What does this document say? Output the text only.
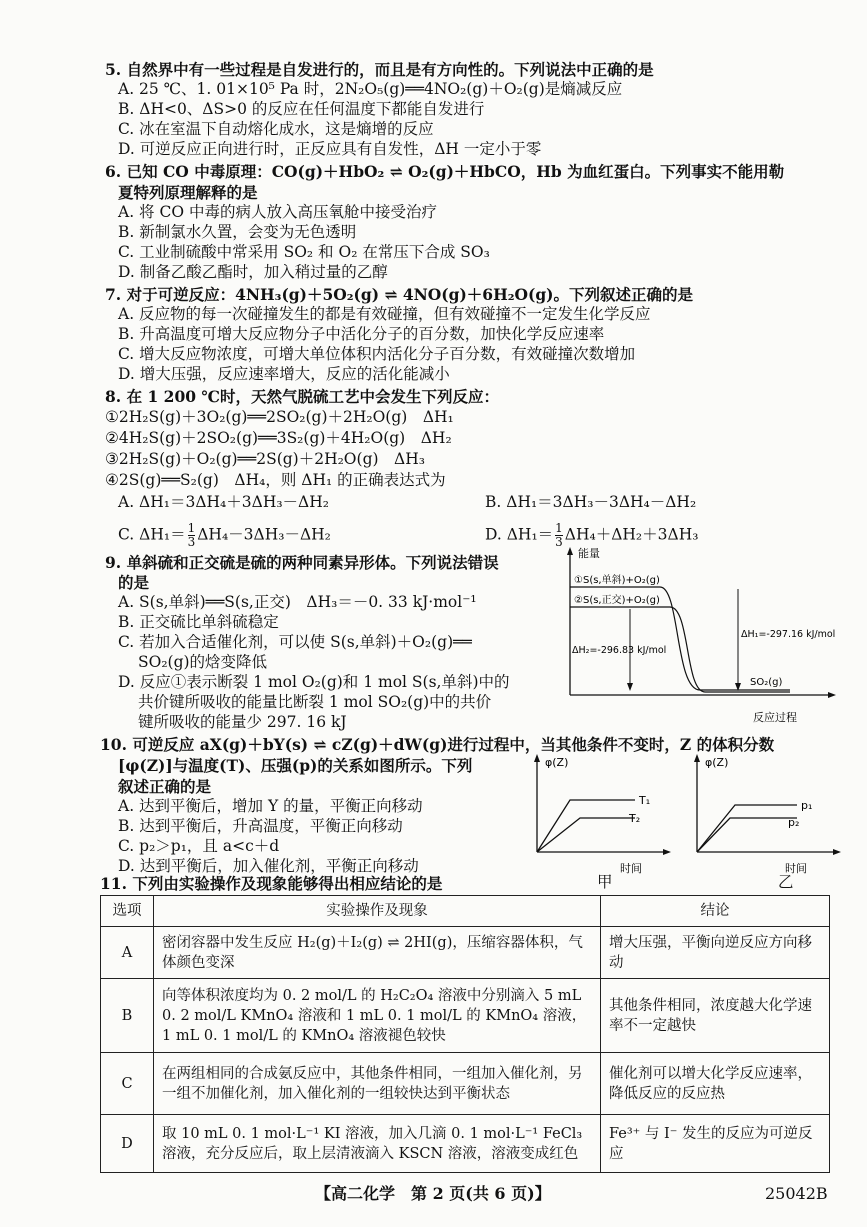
5. 自然界中有一些过程是自发进行的，而且是有方向性的。下列说法中正确的是
A. 25 ℃、1. 01×10⁵ Pa 时，2N₂O₅(g)══4NO₂(g)＋O₂(g)是熵减反应
B. ΔH<0、ΔS>0 的反应在任何温度下都能自发进行
C. 冰在室温下自动熔化成水，这是熵增的反应
D. 可逆反应正向进行时，正反应具有自发性，ΔH 一定小于零
6. 已知 CO 中毒原理：CO(g)＋HbO₂ ⇌ O₂(g)＋HbCO，Hb 为血红蛋白。下列事实不能用勒
夏特列原理解释的是
A. 将 CO 中毒的病人放入高压氧舱中接受治疗
B. 新制氯水久置，会变为无色透明
C. 工业制硫酸中常采用 SO₂ 和 O₂ 在常压下合成 SO₃
D. 制备乙酸乙酯时，加入稍过量的乙醇
7. 对于可逆反应：4NH₃(g)＋5O₂(g) ⇌ 4NO(g)＋6H₂O(g)。下列叙述正确的是
A. 反应物的每一次碰撞发生的都是有效碰撞，但有效碰撞不一定发生化学反应
B. 升高温度可增大反应物分子中活化分子的百分数，加快化学反应速率
C. 增大反应物浓度，可增大单位体积内活化分子百分数，有效碰撞次数增加
D. 增大压强，反应速率增大，反应的活化能减小
8. 在 1 200 ℃时，天然气脱硫工艺中会发生下列反应：
①2H₂S(g)＋3O₂(g)══2SO₂(g)＋2H₂O(g)　ΔH₁
②4H₂S(g)＋2SO₂(g)══3S₂(g)＋4H₂O(g)　ΔH₂
③2H₂S(g)＋O₂(g)══2S(g)＋2H₂O(g)　ΔH₃
④2S(g)══S₂(g)　ΔH₄，则 ΔH₁ 的正确表达式为
A. ΔH₁＝3ΔH₄＋3ΔH₃－ΔH₂	B. ΔH₁＝3ΔH₃－3ΔH₄－ΔH₂
C. $\Delta H_1= \frac{1}{3} \Delta H_4-3\Delta H_3-\Delta H_2$	D. $\Delta H_1= \frac{1}{3} \Delta H_4+\Delta H_2+3\Delta H_3$
9. 单斜硫和正交硫是硫的两种同素异形体。下列说法错误
的是
A. S(s,单斜)══S(s,正交)　ΔH₃＝－0. 33 kJ·mol⁻¹
B. 正交硫比单斜硫稳定
C. 若加入合适催化剂，可以使 S(s,单斜)＋O₂(g)══
SO₂(g)的焓变降低
D. 反应①表示断裂 1 mol O₂(g)和 1 mol S(s,单斜)中的
共价键所吸收的能量比断裂 1 mol SO₂(g)中的共价
键所吸收的能量少 297. 16 kJ
能量
反应过程
①S(s,单斜)+O₂(g)
②S(s,正交)+O₂(g)
SO₂(g)
ΔH₂=-296.83 kJ/mol
ΔH₁=-297.16 kJ/mol
10. 可逆反应 aX(g)＋bY(s) ⇌ cZ(g)＋dW(g)进行过程中，当其他条件不变时，Z 的体积分数
[φ(Z)]与温度(T)、压强(p)的关系如图所示。下列
叙述正确的是
A. 达到平衡后，增加 Y 的量，平衡正向移动
B. 达到平衡后，升高温度，平衡正向移动
C. p₂＞p₁，且 a<c＋d
D. 达到平衡后，加入催化剂，平衡正向移动
φ(Z)
时间
T₁
T₂
甲
φ(Z)
时间
p₁
p₂
乙
11. 下列由实验操作及现象能够得出相应结论的是
选项	实验操作及现象	结论
A	密闭容器中发生反应 H₂(g)＋I₂(g) ⇌ 2HI(g)，压缩容器体积，气体颜色变深	增大压强，平衡向逆反应方向移动
B	向等体积浓度均为 0. 2 mol/L 的 H₂C₂O₄ 溶液中分别滴入 5 mL 0. 2 mol/L KMnO₄ 溶液和 1 mL 0. 1 mol/L 的 KMnO₄ 溶液，1 mL 0. 1 mol/L 的 KMnO₄ 溶液褪色较快	其他条件相同，浓度越大化学速率不一定越快
C	在两组相同的合成氨反应中，其他条件相同，一组加入催化剂，另一组不加催化剂，加入催化剂的一组较快达到平衡状态	催化剂可以增大化学反应速率，降低反应的反应热
D	取 10 mL 0. 1 mol·L⁻¹ KI 溶液，加入几滴 0. 1 mol·L⁻¹ FeCl₃ 溶液，充分反应后，取上层清液滴入 KSCN 溶液，溶液变成红色	Fe³⁺ 与 I⁻ 发生的反应为可逆反应
【高二化学　第 2 页(共 6 页)】	25042B
